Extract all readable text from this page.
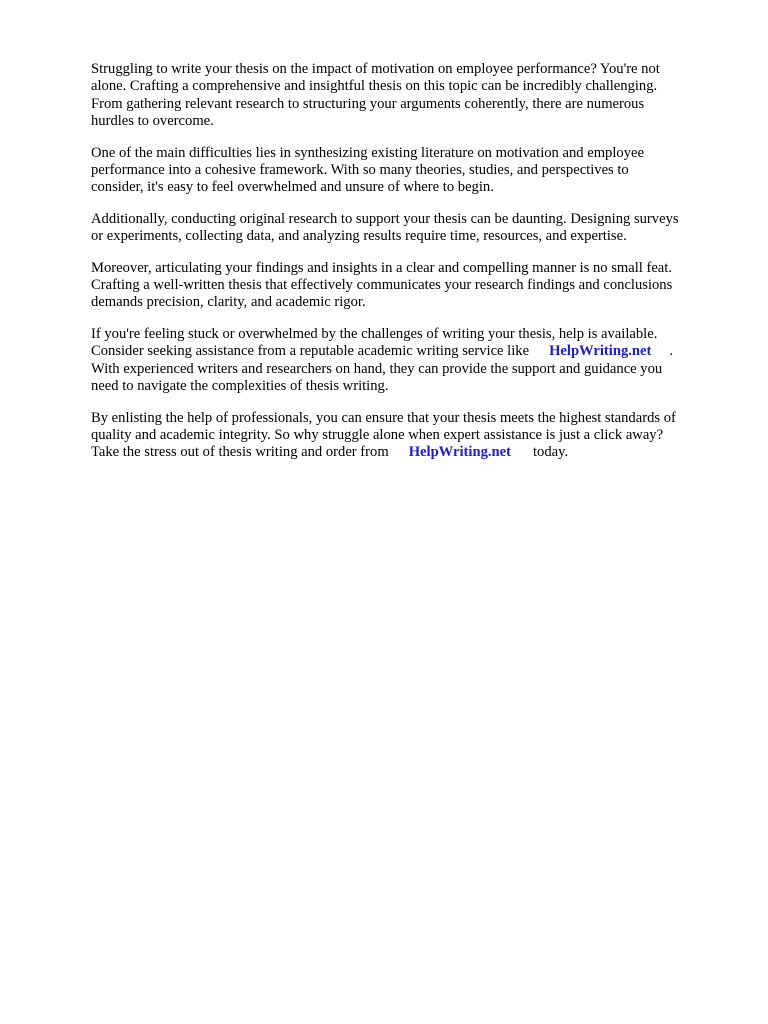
Struggling to write your thesis on the impact of motivation on employee performance? You're not
alone. Crafting a comprehensive and insightful thesis on this topic can be incredibly challenging.
From gathering relevant research to structuring your arguments coherently, there are numerous
hurdles to overcome.

One of the main difficulties lies in synthesizing existing literature on motivation and employee
performance into a cohesive framework. With so many theories, studies, and perspectives to
consider, it's easy to feel overwhelmed and unsure of where to begin.

Additionally, conducting original research to support your thesis can be daunting. Designing surveys
or experiments, collecting data, and analyzing results require time, resources, and expertise.

Moreover, articulating your findings and insights in a clear and compelling manner is no small feat.
Crafting a well-written thesis that effectively communicates your research findings and conclusions
demands precision, clarity, and academic rigor.

If you're feeling stuck or overwhelmed by the challenges of writing your thesis, help is available.
Consider seeking assistance from a reputable academic writing service like HelpWriting.net .
With experienced writers and researchers on hand, they can provide the support and guidance you
need to navigate the complexities of thesis writing.

By enlisting the help of professionals, you can ensure that your thesis meets the highest standards of
quality and academic integrity. So why struggle alone when expert assistance is just a click away?
Take the stress out of thesis writing and order from HelpWriting.net today.
